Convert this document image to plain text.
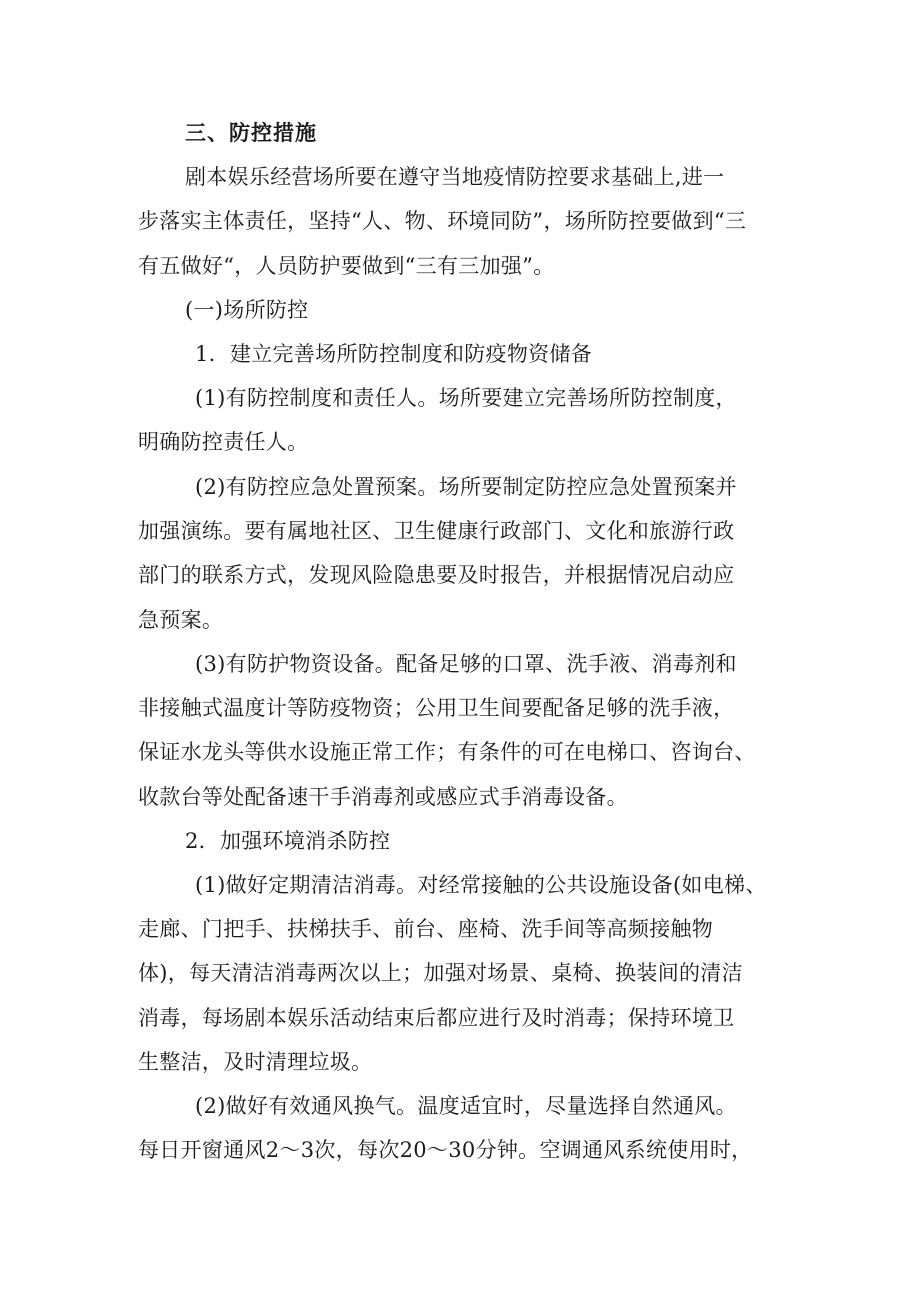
三、防控措施
剧本娱乐经营场所要在遵守当地疫情防控要求基础上,进一
步落实主体责任，坚持“人、物、环境同防”，场所防控要做到“三
有五做好“，人员防护要做到“三有三加强”。
(一)场所防控
1．建立完善场所防控制度和防疫物资储备
(1)有防控制度和责任人。场所要建立完善场所防控制度，
明确防控责任人。
(2)有防控应急处置预案。场所要制定防控应急处置预案并
加强演练。要有属地社区、卫生健康行政部门、文化和旅游行政
部门的联系方式，发现风险隐患要及时报告，并根据情况启动应
急预案。
(3)有防护物资设备。配备足够的口罩、洗手液、消毒剂和
非接触式温度计等防疫物资；公用卫生间要配备足够的洗手液，
保证水龙头等供水设施正常工作；有条件的可在电梯口、咨询台、
收款台等处配备速干手消毒剂或感应式手消毒设备。
2．加强环境消杀防控
(1)做好定期清洁消毒。对经常接触的公共设施设备(如电梯、
走廊、门把手、扶梯扶手、前台、座椅、洗手间等高频接触物
体)，每天清洁消毒两次以上；加强对场景、桌椅、换装间的清洁
消毒，每场剧本娱乐活动结束后都应进行及时消毒；保持环境卫
生整洁，及时清理垃圾。
(2)做好有效通风换气。温度适宜时，尽量选择自然通风。
每日开窗通风2～3次，每次20～30分钟。空调通风系统使用时，
